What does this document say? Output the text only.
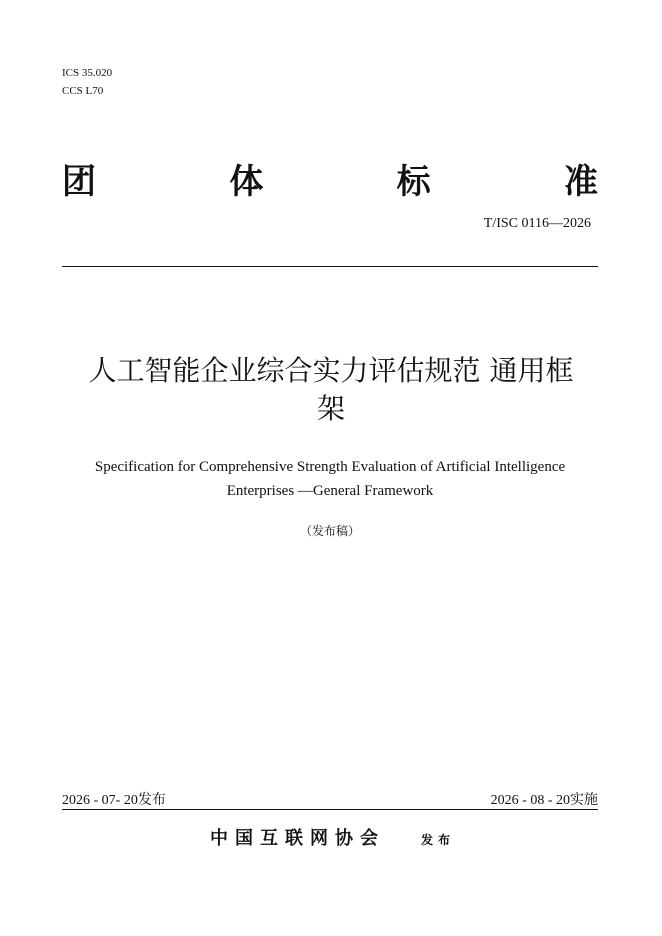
ICS 35.020
CCS L70
团	体	标	准
T/ISC 0116—2026
人工智能企业综合实力评估规范 通用框
架
Specification for Comprehensive Strength Evaluation of Artificial Intelligence
Enterprises —General Framework
（发布稿）
2026 - 07- 20发布	2026 - 08 - 20实施
中国互联网协会	发布
